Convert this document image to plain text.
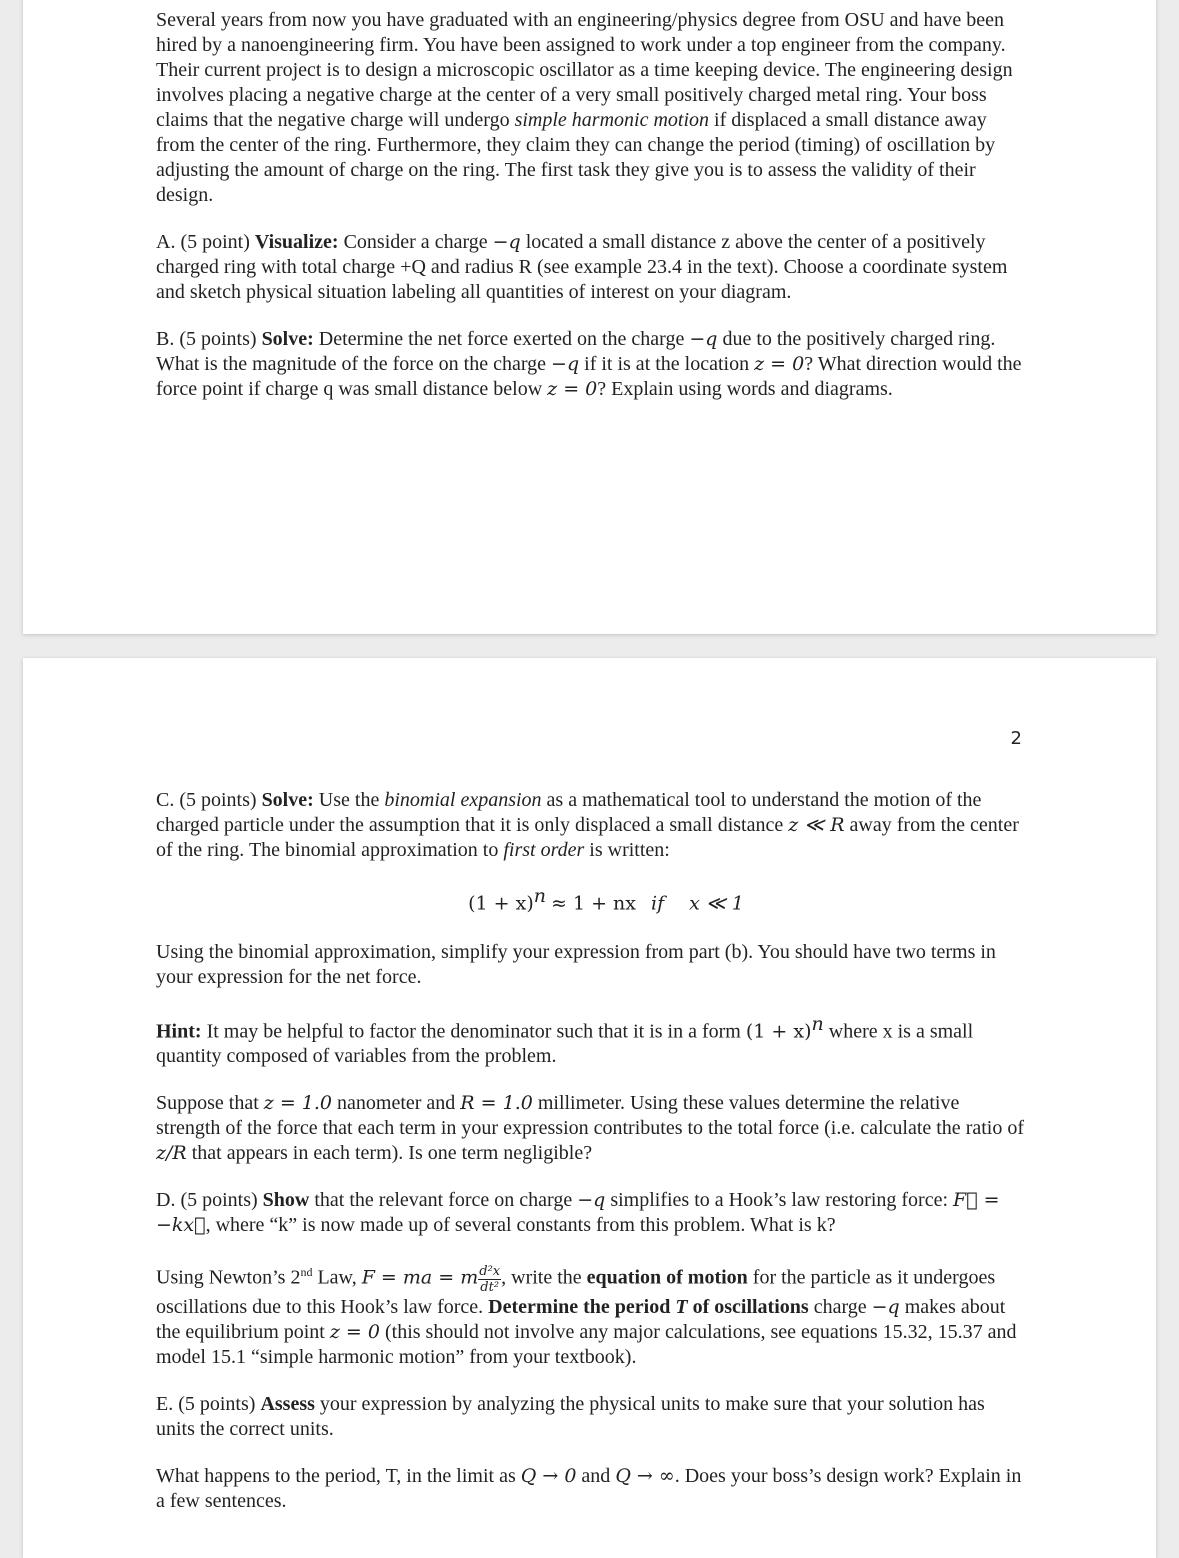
Several years from now you have graduated with an engineering/physics degree from OSU and have been hired by a nanoengineering firm. You have been assigned to work under a top engineer from the company. Their current project is to design a microscopic oscillator as a time keeping device. The engineering design involves placing a negative charge at the center of a very small positively charged metal ring. Your boss claims that the negative charge will undergo simple harmonic motion if displaced a small distance away from the center of the ring. Furthermore, they claim they can change the period (timing) of oscillation by adjusting the amount of charge on the ring. The first task they give you is to assess the validity of their design.

A. (5 point) Visualize: Consider a charge −q located a small distance z above the center of a positively charged ring with total charge +Q and radius R (see example 23.4 in the text). Choose a coordinate system and sketch physical situation labeling all quantities of interest on your diagram.

B. (5 points) Solve: Determine the net force exerted on the charge −q due to the positively charged ring. What is the magnitude of the force on the charge −q if it is at the location z = 0? What direction would the force point if charge q was small distance below z = 0? Explain using words and diagrams.

2

C. (5 points) Solve: Use the binomial expansion as a mathematical tool to understand the motion of the charged particle under the assumption that it is only displaced a small distance z ≪ R away from the center of the ring. The binomial approximation to first order is written:

$(1 + x)^n \approx 1$ + nx if x ≪ 1

Using the binomial approximation, simplify your expression from part (b). You should have two terms in your expression for the net force.

Hint: It may be helpful to factor the denominator such that it is in a form $(1 + x)^n$ where x is a small quantity composed of variables from the problem.

Suppose that z = 1.0 nanometer and R = 1.0 millimeter. Using these values determine the relative strength of the force that each term in your expression contributes to the total force (i.e. calculate the ratio of z/R that appears in each term). Is one term negligible?

D. (5 points) Show that the relevant force on charge −q simplifies to a Hook’s law restoring force: F⃗ = −kx⃗, where “k” is now made up of several constants from this problem. What is k?

Using Newton’s 2nd Law, F = ma = m $\frac{\text{d²x}}{\text{dt²}}$ , write the equation of motion for the particle as it undergoes oscillations due to this Hook’s law force. Determine the period T of oscillations charge −q makes about the equilibrium point z = 0 (this should not involve any major calculations, see equations 15.32, 15.37 and model 15.1 “simple harmonic motion” from your textbook).

E. (5 points) Assess your expression by analyzing the physical units to make sure that your solution has units the correct units.

What happens to the period, T, in the limit as Q → 0 and Q → ∞. Does your boss’s design work? Explain in a few sentences.
